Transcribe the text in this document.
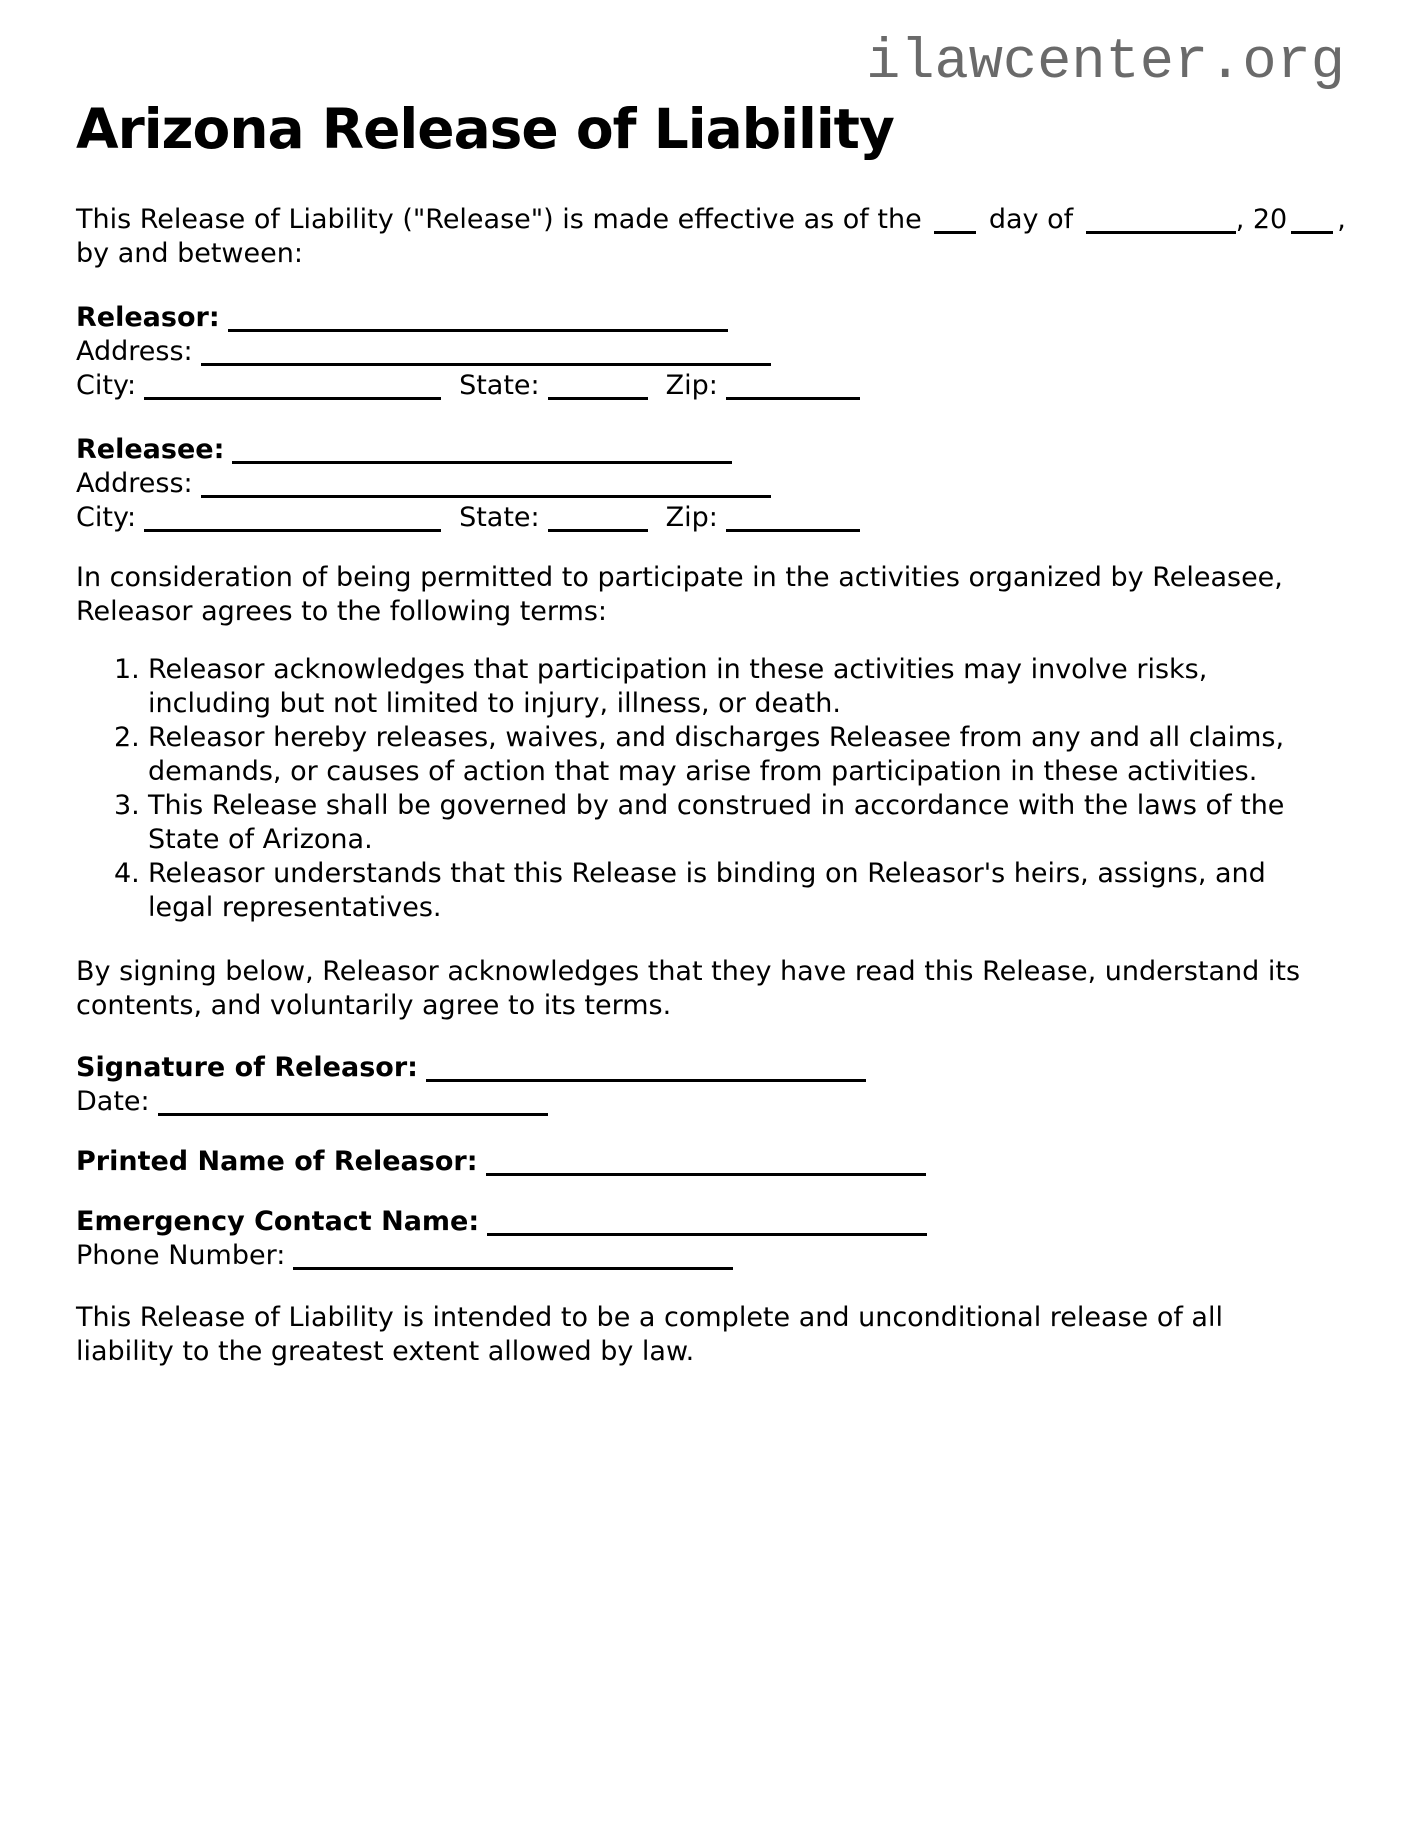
ilawcenter.org
Arizona Release of Liability
This Release of Liability ("Release") is made effective as of the  day of	, 20 ,
by and between:
Releasor:
Address:
City:	State:	Zip:
Releasee:
Address:
City:	State:	Zip:
In consideration of being permitted to participate in the activities organized by Releasee,
Releasor agrees to the following terms:
1. Releasor acknowledges that participation in these activities may involve risks,
including but not limited to injury, illness, or death.
2. Releasor hereby releases, waives, and discharges Releasee from any and all claims,
demands, or causes of action that may arise from participation in these activities.
3. This Release shall be governed by and construed in accordance with the laws of the
State of Arizona.
4. Releasor understands that this Release is binding on Releasor's heirs, assigns, and
legal representatives.
By signing below, Releasor acknowledges that they have read this Release, understand its
contents, and voluntarily agree to its terms.
Signature of Releasor:
Date:
Printed Name of Releasor:
Emergency Contact Name:
Phone Number:
This Release of Liability is intended to be a complete and unconditional release of all
liability to the greatest extent allowed by law.
